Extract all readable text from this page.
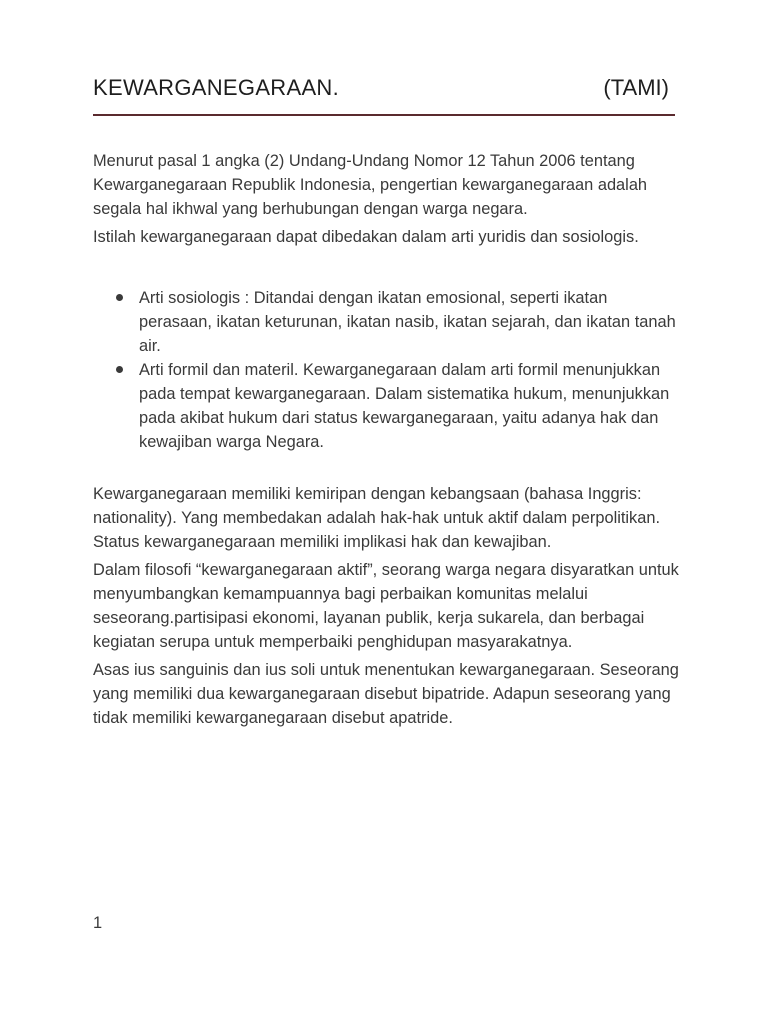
KEWARGANEGARAAN.	(TAMI)

Menurut pasal 1 angka (2) Undang-Undang Nomor 12 Tahun 2006 tentang Kewarganegaraan Republik Indonesia, pengertian kewarganegaraan adalah segala hal ikhwal yang berhubungan dengan warga negara.

Istilah kewarganegaraan dapat dibedakan dalam arti yuridis dan sosiologis.

Arti sosiologis : Ditandai dengan ikatan emosional, seperti ikatan perasaan, ikatan keturunan, ikatan nasib, ikatan sejarah, dan ikatan tanah air.
Arti formil dan materil. Kewarganegaraan dalam arti formil menunjukkan pada tempat kewarganegaraan. Dalam sistematika hukum, menunjukkan pada akibat hukum dari status kewarganegaraan, yaitu adanya hak dan kewajiban warga Negara.

Kewarganegaraan memiliki kemiripan dengan kebangsaan (bahasa Inggris: nationality). Yang membedakan adalah hak-hak untuk aktif dalam perpolitikan. Status kewarganegaraan memiliki implikasi hak dan kewajiban.

Dalam filosofi “kewarganegaraan aktif”, seorang warga negara disyaratkan untuk menyumbangkan kemampuannya bagi perbaikan komunitas melalui seseorang.partisipasi ekonomi, layanan publik, kerja sukarela, dan berbagai kegiatan serupa untuk memperbaiki penghidupan masyarakatnya.

Asas ius sanguinis dan ius soli untuk menentukan kewarganegaraan. Seseorang yang memiliki dua kewarganegaraan disebut bipatride. Adapun seseorang yang tidak memiliki kewarganegaraan disebut apatride.

1
